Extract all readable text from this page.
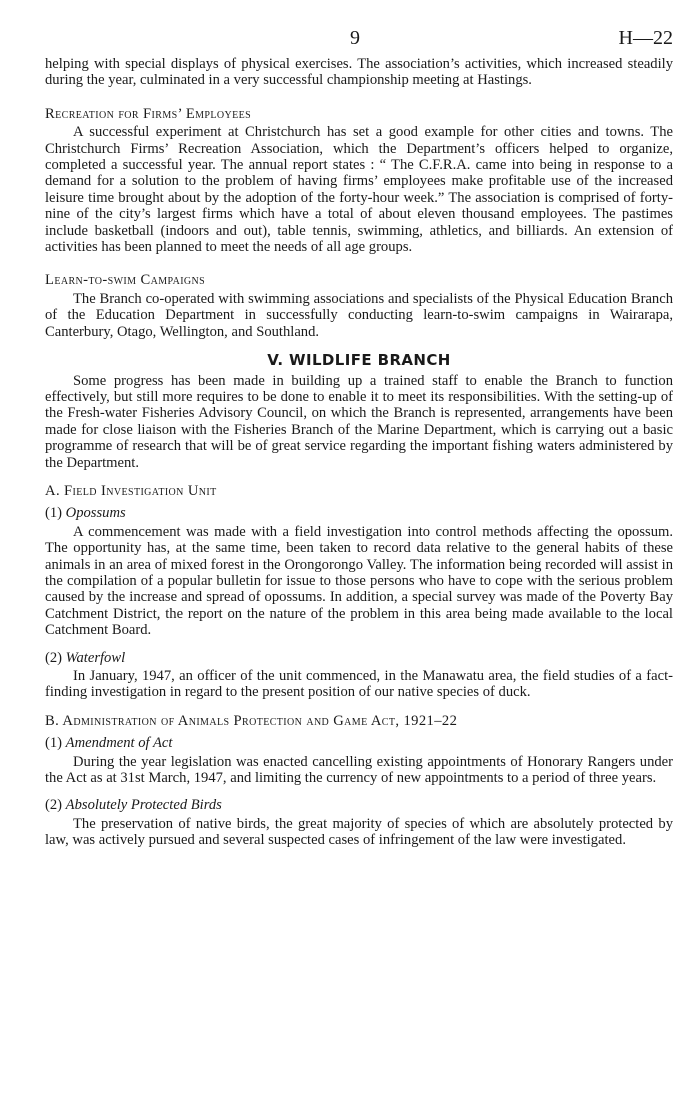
9	H—22

helping with special displays of physical exercises. The association’s activities, which increased steadily during the year, culminated in a very successful championship meeting at Hastings.

Recreation for Firms’ Employees

A successful experiment at Christchurch has set a good example for other cities and towns. The Christchurch Firms’ Recreation Association, which the Department’s officers helped to organize, completed a successful year. The annual report states : “ The C.F.R.A. came into being in response to a demand for a solution to the problem of having firms’ employees make profitable use of the increased leisure time brought about by the adoption of the forty-hour week.” The association is comprised of forty-nine of the city’s largest firms which have a total of about eleven thousand employees. The pastimes include basketball (indoors and out), table tennis, swimming, athletics, and billiards. An extension of activities has been planned to meet the needs of all age groups.

Learn-to-swim Campaigns

The Branch co-operated with swimming associations and specialists of the Physical Education Branch of the Education Department in successfully conducting learn-to-swim campaigns in Wairarapa, Canterbury, Otago, Wellington, and Southland.

V. WILDLIFE BRANCH

Some progress has been made in building up a trained staff to enable the Branch to function effectively, but still more requires to be done to enable it to meet its responsibilities. With the setting-up of the Fresh-water Fisheries Advisory Council, on which the Branch is represented, arrangements have been made for close liaison with the Fisheries Branch of the Marine Department, which is carrying out a basic programme of research that will be of great service regarding the important fishing waters administered by the Department.

A. Field Investigation Unit
(1) Opossums

A commencement was made with a field investigation into control methods affecting the opossum. The opportunity has, at the same time, been taken to record data relative to the general habits of these animals in an area of mixed forest in the Orongorongo Valley. The information being recorded will assist in the compilation of a popular bulletin for issue to those persons who have to cope with the serious problem caused by the increase and spread of opossums. In addition, a special survey was made of the Poverty Bay Catchment District, the report on the nature of the problem in this area being made available to the local Catchment Board.

(2) Waterfowl

In January, 1947, an officer of the unit commenced, in the Manawatu area, the field studies of a fact-finding investigation in regard to the present position of our native species of duck.

B. Administration of Animals Protection and Game Act, 1921–22
(1) Amendment of Act

During the year legislation was enacted cancelling existing appointments of Honorary Rangers under the Act as at 31st March, 1947, and limiting the currency of new appointments to a period of three years.

(2) Absolutely Protected Birds

The preservation of native birds, the great majority of species of which are absolutely protected by law, was actively pursued and several suspected cases of infringement of the law were investigated.
